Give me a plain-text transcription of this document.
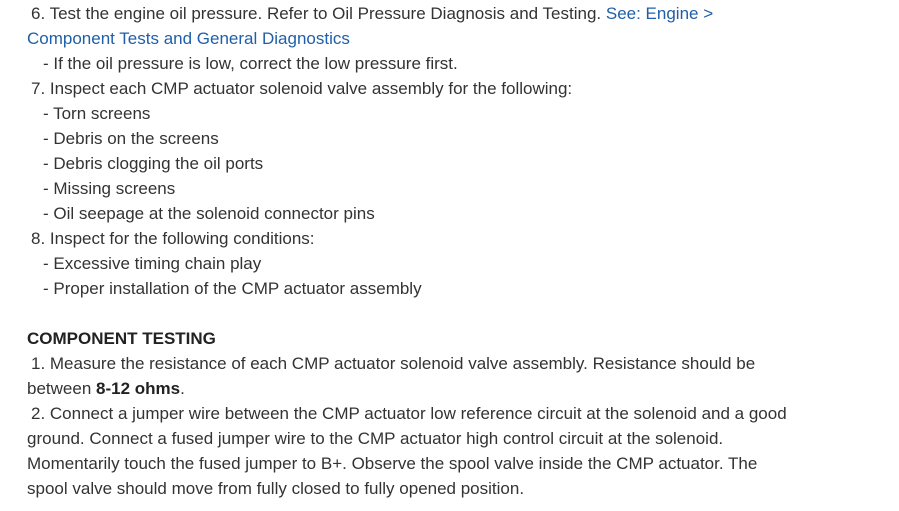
6. Test the engine oil pressure. Refer to Oil Pressure Diagnosis and Testing. See: Engine >
Component Tests and General Diagnostics
- If the oil pressure is low, correct the low pressure first.
7. Inspect each CMP actuator solenoid valve assembly for the following:
- Torn screens
- Debris on the screens
- Debris clogging the oil ports
- Missing screens
- Oil seepage at the solenoid connector pins
8. Inspect for the following conditions:
- Excessive timing chain play
- Proper installation of the CMP actuator assembly
COMPONENT TESTING
1. Measure the resistance of each CMP actuator solenoid valve assembly. Resistance should be
between 8-12 ohms.
2. Connect a jumper wire between the CMP actuator low reference circuit at the solenoid and a good
ground. Connect a fused jumper wire to the CMP actuator high control circuit at the solenoid.
Momentarily touch the fused jumper to B+. Observe the spool valve inside the CMP actuator. The
spool valve should move from fully closed to fully opened position.
